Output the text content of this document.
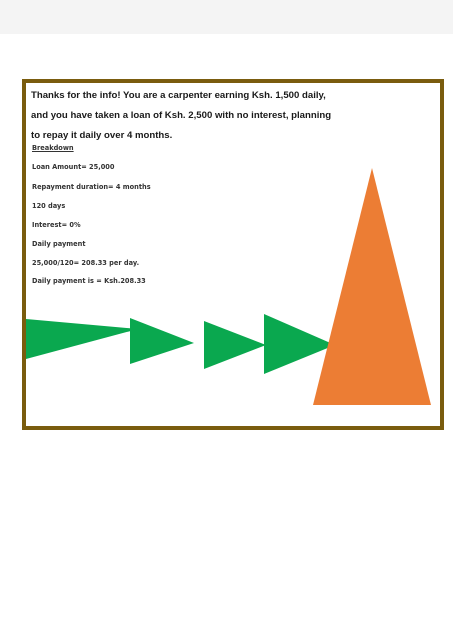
Thanks for the info! You are a carpenter earning Ksh. 1,500 daily,
and you have taken a loan of Ksh. 2,500 with no interest, planning
to repay it daily over 4 months.
Breakdown
Loan Amount= 25,000
Repayment duration= 4 months
120 days
Interest= 0%
Daily payment
25,000/120= 208.33 per day.
Daily payment is = Ksh.208.33
